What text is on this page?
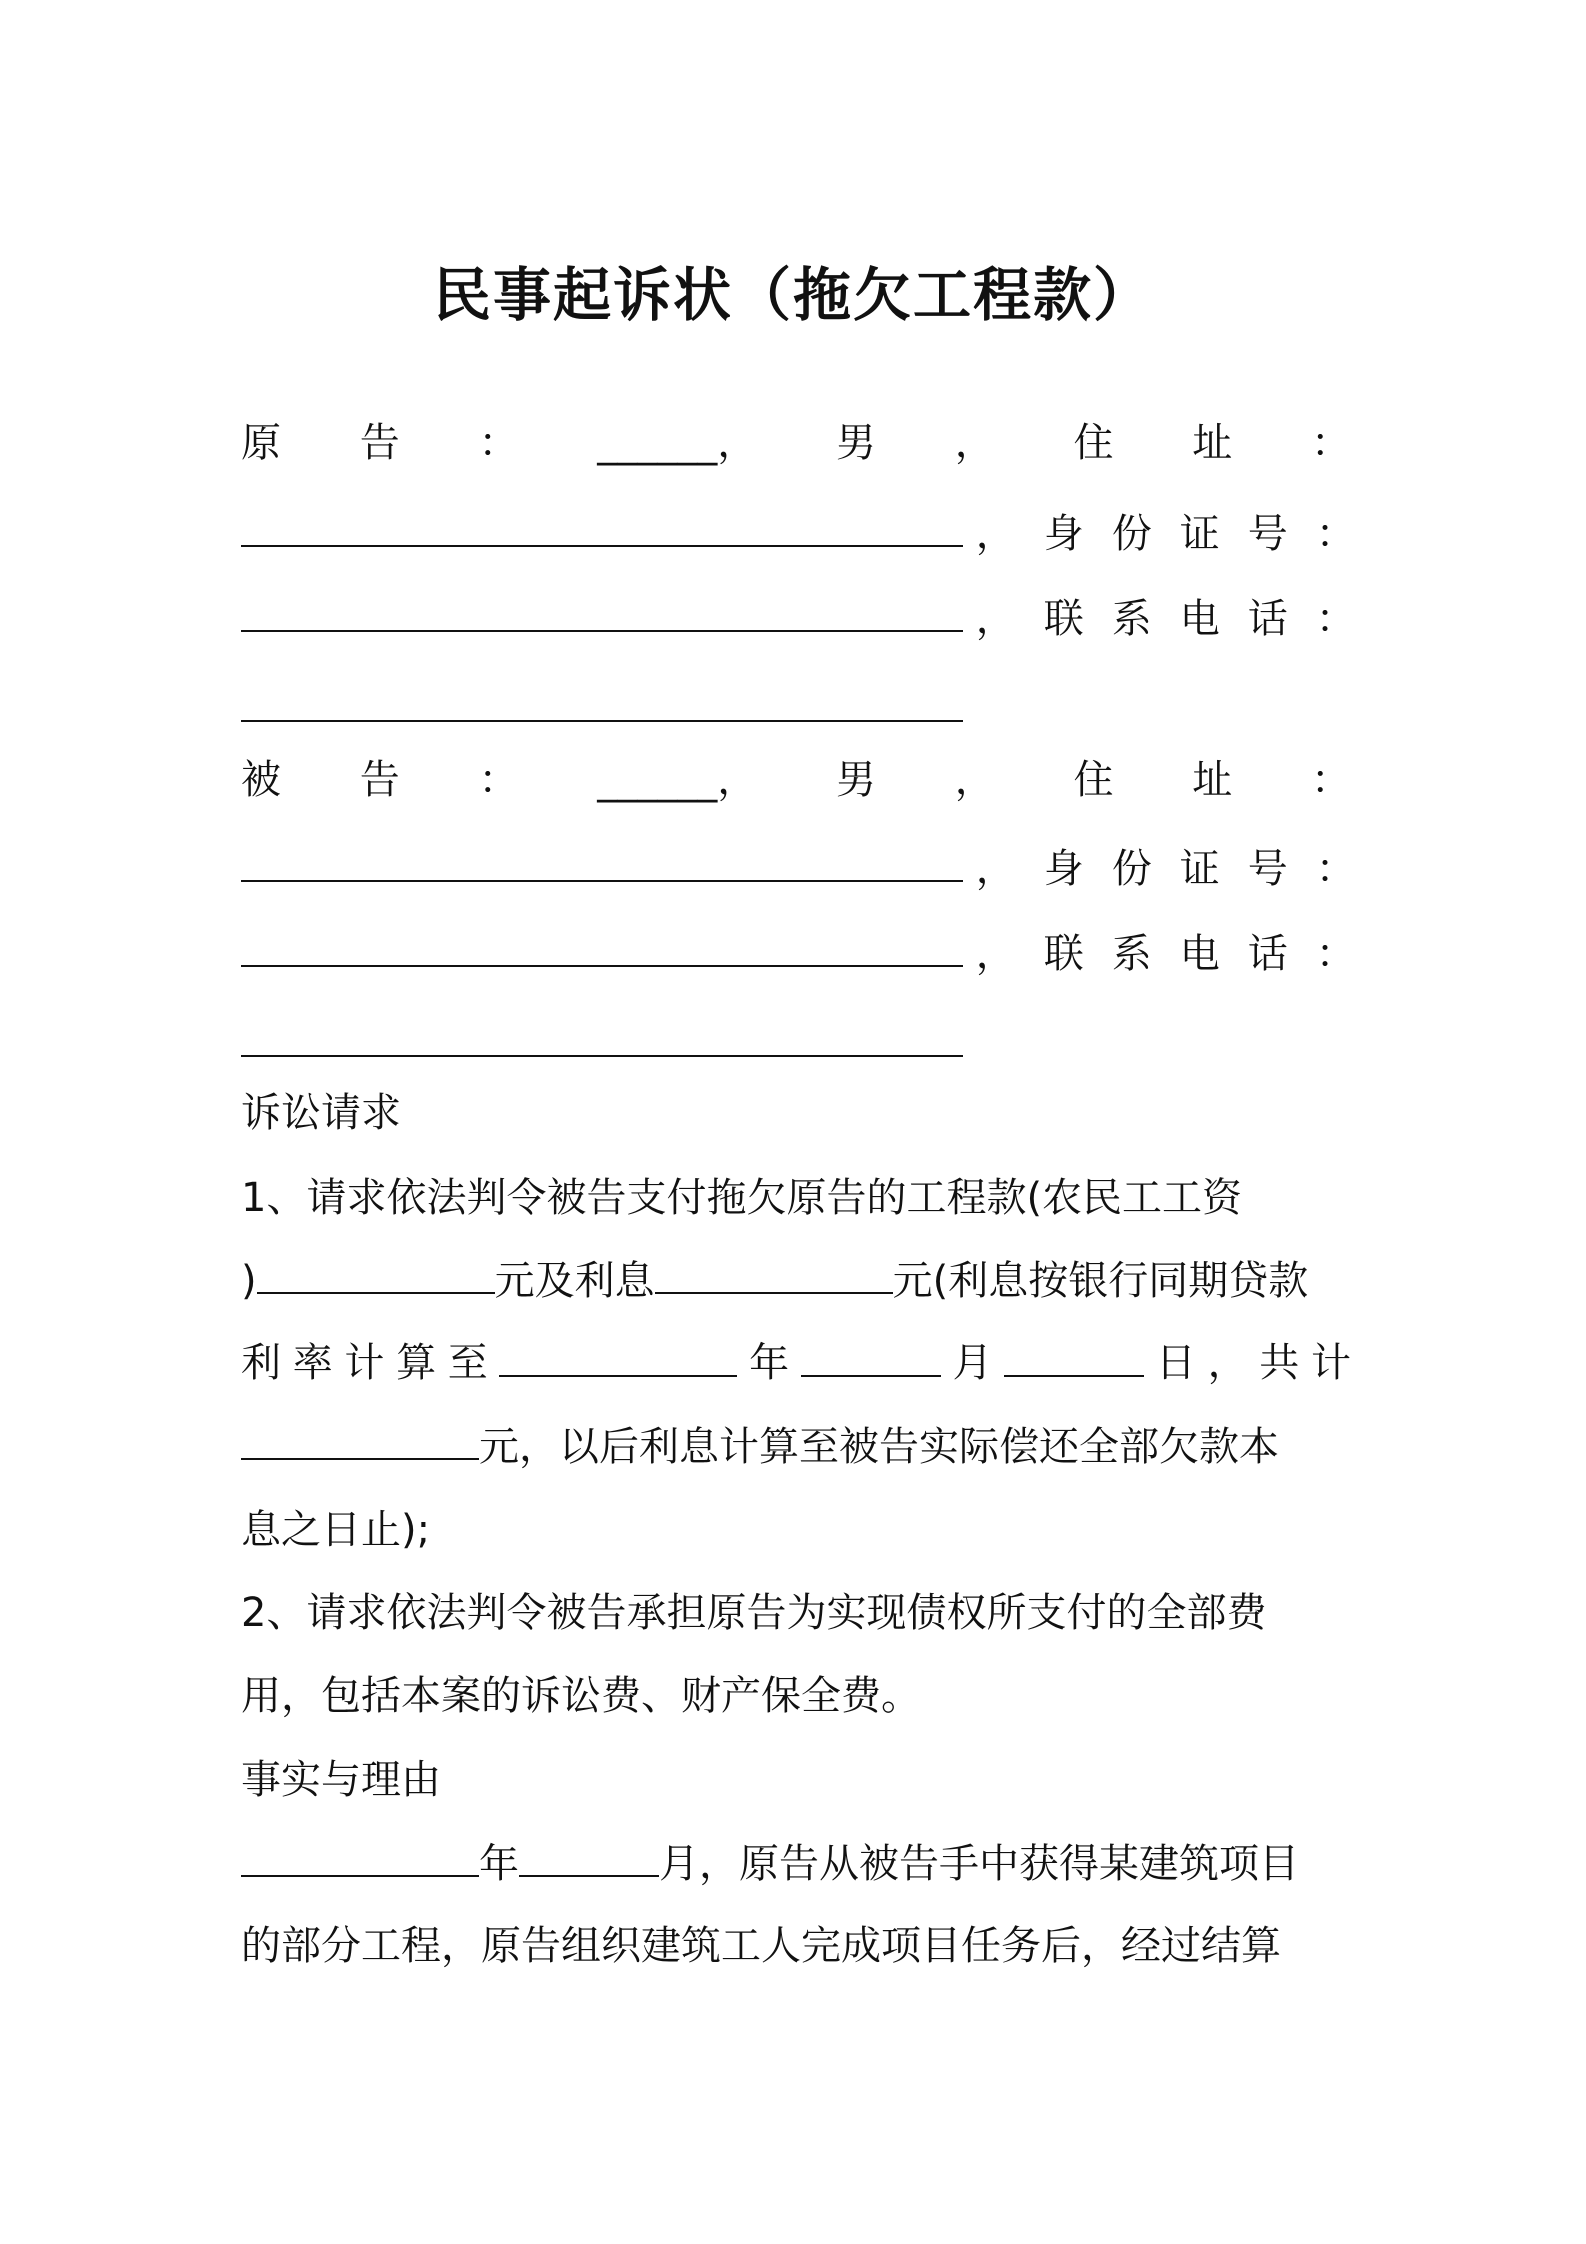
民事起诉状（拖欠工程款）
原 告 ： ______， 男 ， 住 址 ：

， 身 份 证 号 ：

， 联 系 电 话 ：
被 告 ： ______， 男 ， 住 址 ：

， 身 份 证 号 ：

， 联 系 电 话 ：
诉讼请求
1、请求依法判令被告支付拖欠原告的工程款(农民工工资
)	元及利息	元(利息按银行同期贷款
利 率 计 算 至	年	月	日 ， 共 计
元，以后利息计算至被告实际偿还全部欠款本
息之日止);
2、请求依法判令被告承担原告为实现债权所支付的全部费
用，包括本案的诉讼费、财产保全费。
事实与理由
年	月，原告从被告手中获得某建筑项目
的部分工程，原告组织建筑工人完成项目任务后，经过结算
